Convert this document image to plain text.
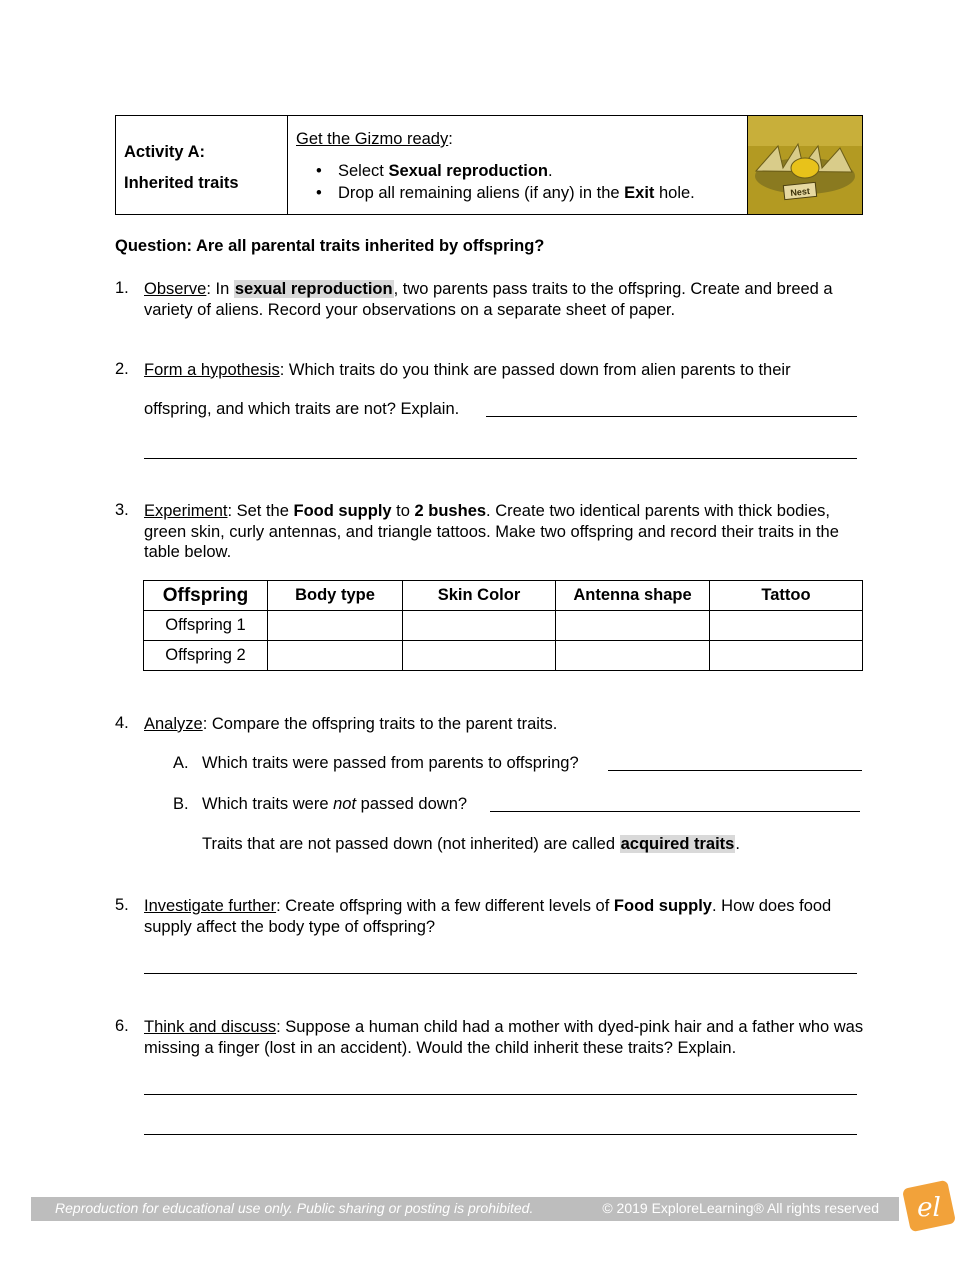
Activity A:
Inherited traits
Get the Gizmo ready:
• Select Sexual reproduction.
• Drop all remaining aliens (if any) in the Exit hole.	Nest
Question: Are all parental traits inherited by offspring?
1. Observe: In sexual reproduction, two parents pass traits to the offspring. Create and breed a variety of aliens. Record your observations on a separate sheet of paper.
2. Form a hypothesis: Which traits do you think are passed down from alien parents to their
offspring, and which traits are not? Explain.
3. Experiment: Set the Food supply to 2 bushes. Create two identical parents with thick bodies, green skin, curly antennas, and triangle tattoos. Make two offspring and record their traits in the table below.
Offspring	Body type	Skin Color	Antenna shape	Tattoo
Offspring 1				
Offspring 2				
4. Analyze: Compare the offspring traits to the parent traits.
A. Which traits were passed from parents to offspring?
B. Which traits were not passed down?
Traits that are not passed down (not inherited) are called acquired traits.
5. Investigate further: Create offspring with a few different levels of Food supply. How does food supply affect the body type of offspring?
6. Think and discuss: Suppose a human child had a mother with dyed-pink hair and a father who was missing a finger (lost in an accident). Would the child inherit these traits? Explain.
Reproduction for educational use only. Public sharing or posting is prohibited.	© 2019 ExploreLearning® All rights reserved el
